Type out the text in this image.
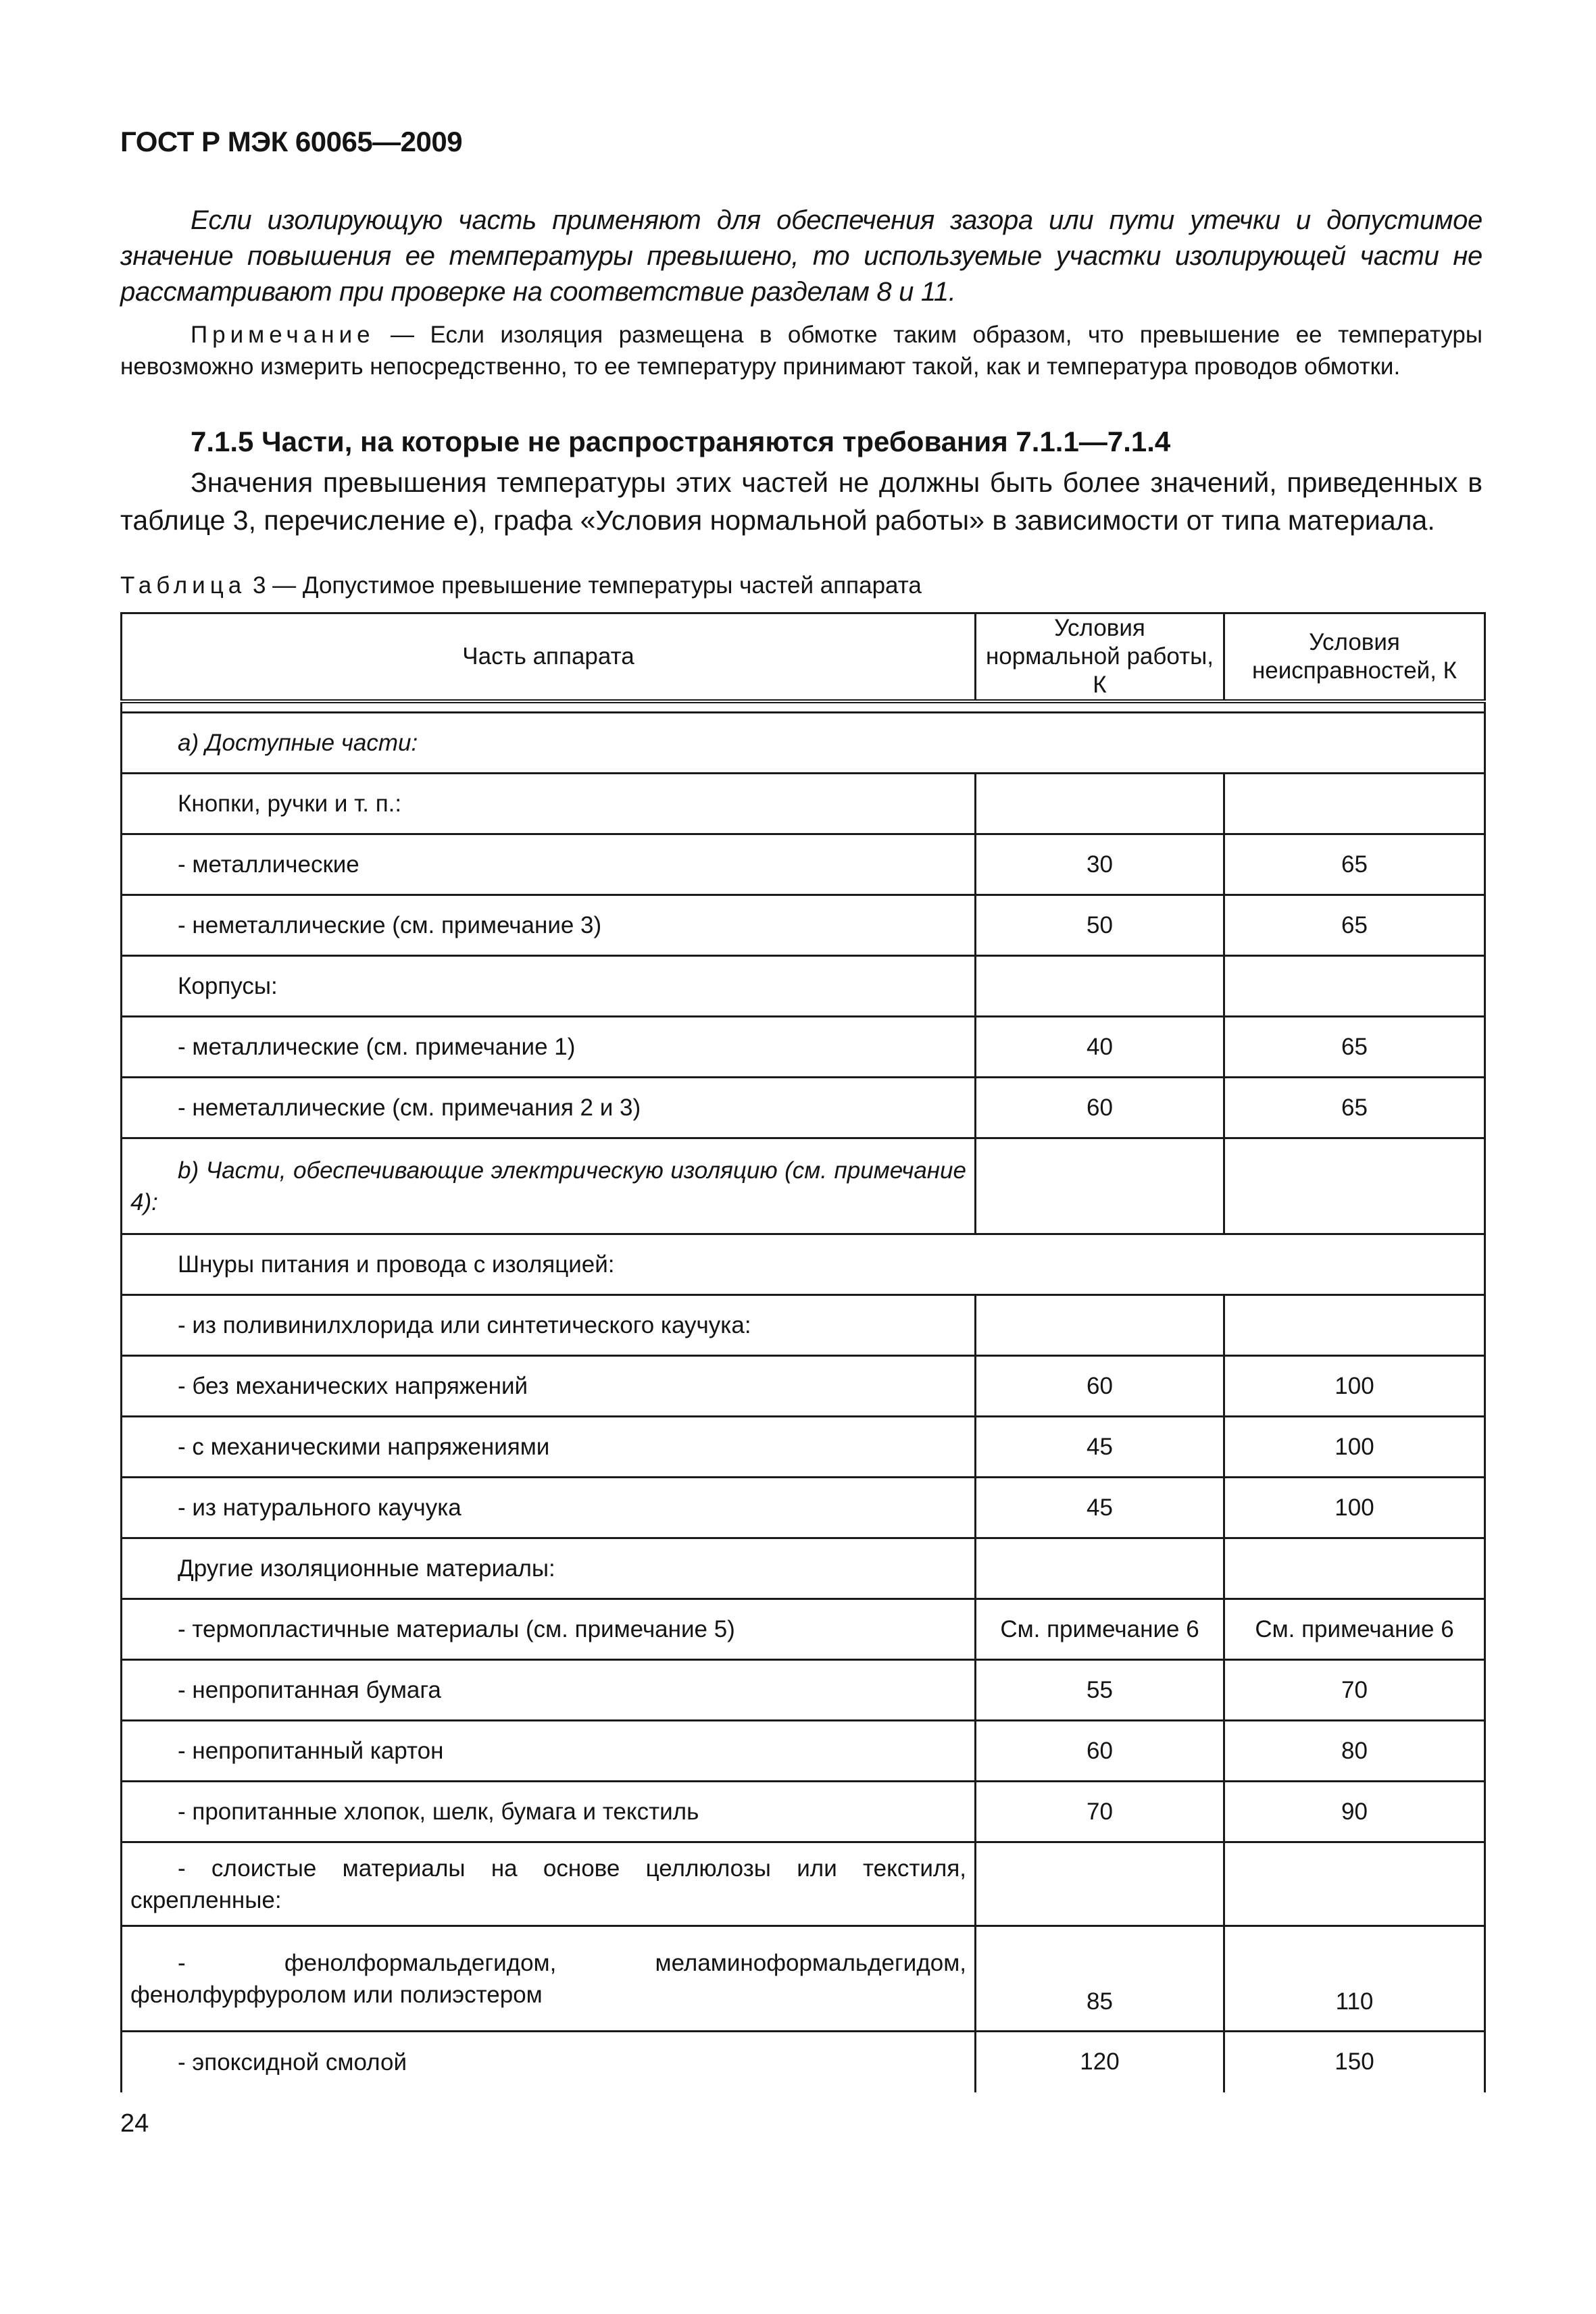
ГОСТ Р МЭК 60065—2009

Если изолирующую часть применяют для обеспечения зазора или пути утечки и допустимое значение повышения ее температуры превышено, то используемые участки изолирующей части не рассматривают при проверке на соответствие разделам 8 и 11.

Примечание — Если изоляция размещена в обмотке таким образом, что превышение ее температуры невозможно измерить непосредственно, то ее температуру принимают такой, как и температура проводов обмотки.

7.1.5 Части, на которые не распространяются требования 7.1.1—7.1.4

Значения превышения температуры этих частей не должны быть более значений, приведенных в таблице 3, перечисление е), графа «Условия нормальной работы» в зависимости от типа материала.

Таблица 3 — Допустимое превышение температуры частей аппарата

Часть аппарата	Условия нормальной работы, К	Условия неисправностей, К

a) Доступные части:		
Кнопки, ручки и т. п.:		
- металлические	30	65
- неметаллические (см. примечание 3)	50	65
Корпусы:		
- металлические (см. примечание 1)	40	65
- неметаллические (см. примечания 2 и 3)	60	65
b) Части, обеспечивающие электрическую изоляцию (см. примечание 4):		
Шнуры питания и провода с изоляцией:		
- из поливинилхлорида или синтетического каучука:		
- без механических напряжений	60	100
- с механическими напряжениями	45	100
- из натурального каучука	45	100
Другие изоляционные материалы:		
- термопластичные материалы (см. примечание 5)	См. примечание 6	См. примечание 6
- непропитанная бумага	55	70
- непропитанный картон	60	80
- пропитанные хлопок, шелк, бумага и текстиль	70	90
- слоистые материалы на основе целлюлозы или текстиля, скрепленные:		
- фенолформальдегидом, меламиноформальдегидом, фенолфурфуролом или полиэстером	85	110
- эпоксидной смолой	120	150
24
